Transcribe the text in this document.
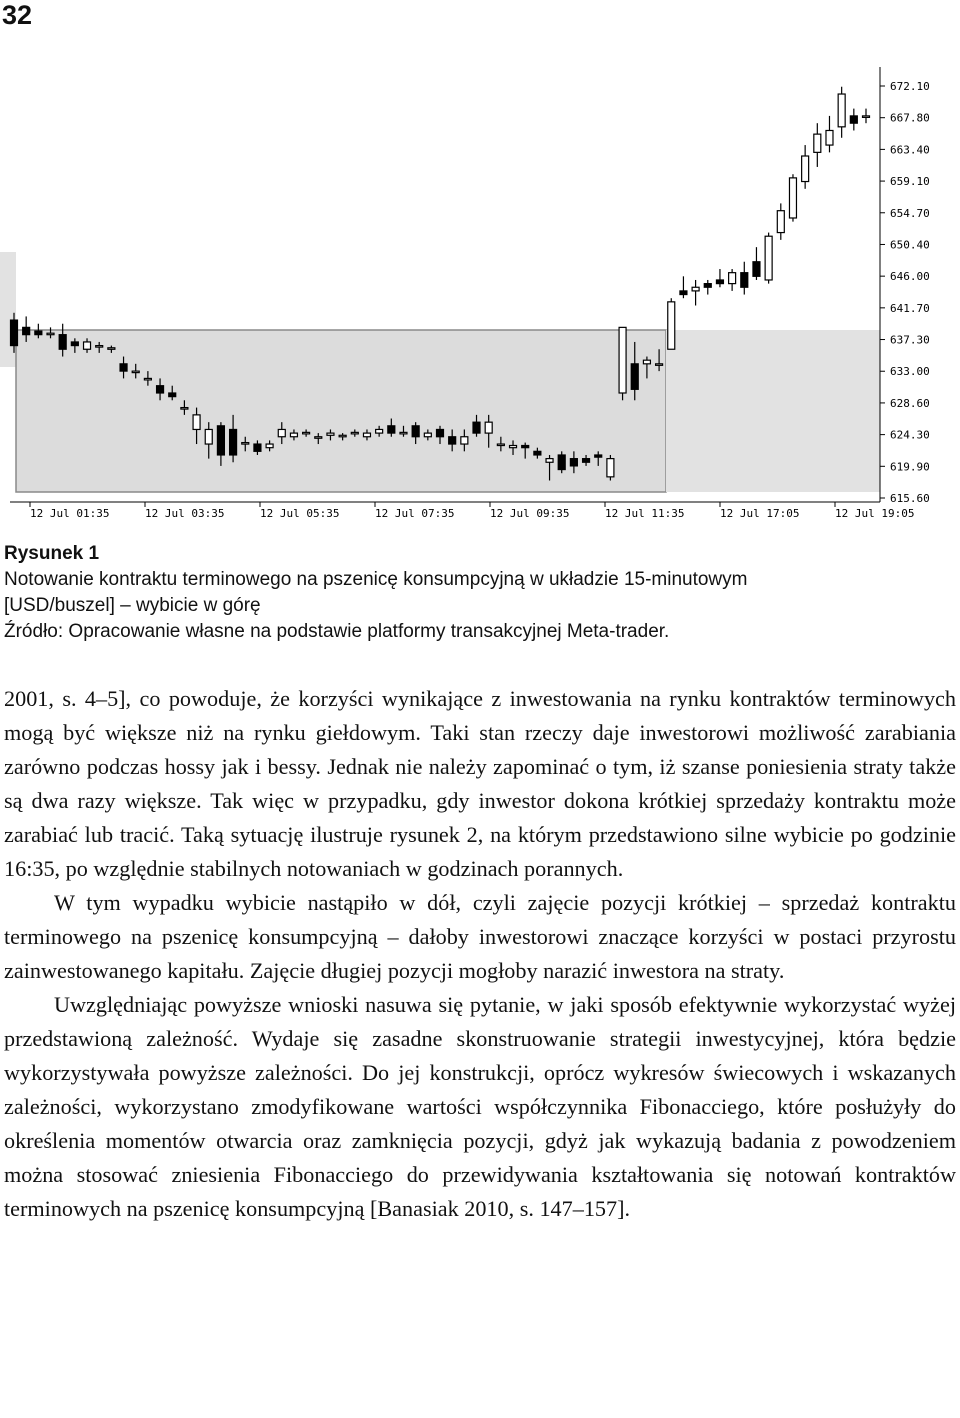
32
672.10
667.80
663.40
659.10
654.70
650.40
646.00
641.70
637.30
633.00
628.60
624.30
619.90
615.60
12 Jul 01:35	12 Jul 03:35	12 Jul 05:35	12 Jul 07:35	12 Jul 09:35	12 Jul 11:35	12 Jul 17:05	12 Jul 19:05
Rysunek 1
Notowanie kontraktu terminowego na pszenicę konsumpcyjną w układzie 15-minutowym
[USD/buszel] – wybicie w górę
Źródło: Opracowanie własne na podstawie platformy transakcyjnej Meta-trader.

2001, s. 4–5], co powoduje, że korzyści wynikające z inwestowania na rynku kontraktów terminowych mogą być większe niż na rynku giełdowym. Taki stan rzeczy daje inwestorowi możliwość zarabiania zarówno podczas hossy jak i bessy. Jednak nie należy zapominać o tym, iż szanse poniesienia straty także są dwa razy większe. Tak więc w przypadku, gdy inwestor dokona krótkiej sprzedaży kontraktu może zarabiać lub tracić. Taką sytuację ilustruje rysunek 2, na którym przedstawiono silne wybicie po godzinie 16:35, po względnie stabilnych notowaniach w godzinach porannych.

W tym wypadku wybicie nastąpiło w dół, czyli zajęcie pozycji krótkiej – sprzedaż kontraktu terminowego na pszenicę konsumpcyjną – dałoby inwestorowi znaczące korzyści w postaci przyrostu zainwestowanego kapitału. Zajęcie długiej pozycji mogłoby narazić inwestora na straty.

Uwzględniając powyższe wnioski nasuwa się pytanie, w jaki sposób efektywnie wykorzystać wyżej przedstawioną zależność. Wydaje się zasadne skonstruowanie strategii inwestycyjnej, która będzie wykorzystywała powyższe zależności. Do jej konstrukcji, oprócz wykresów świecowych i wskazanych zależności, wykorzystano zmodyfikowane wartości współczynnika Fibonacciego, które posłużyły do określenia momentów otwarcia oraz zamknięcia pozycji, gdyż jak wykazują badania z powodzeniem można stosować zniesienia Fibonacciego do przewidywania kształtowania się notowań kontraktów terminowych na pszenicę konsumpcyjną [Banasiak 2010, s. 147–157].
